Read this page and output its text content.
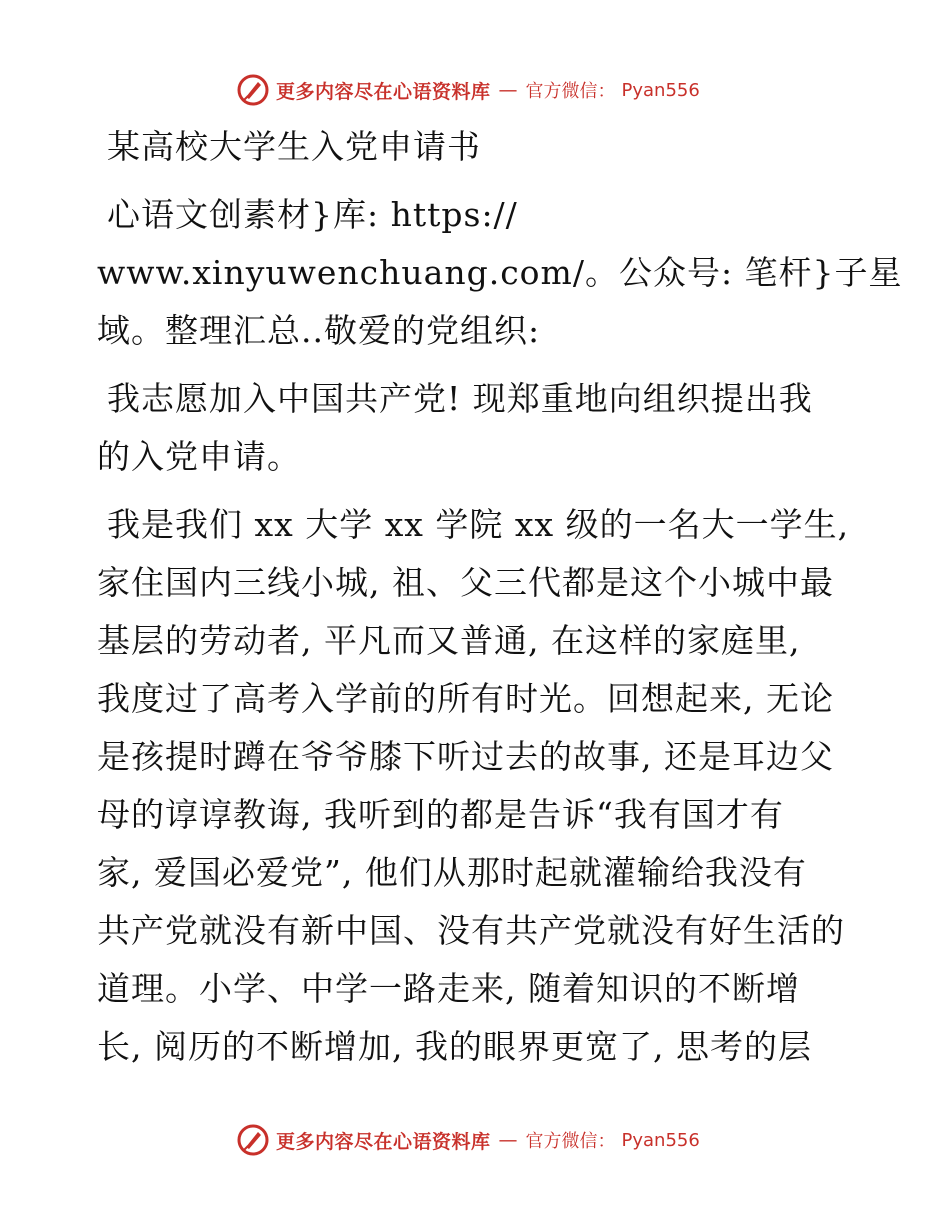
更多内容尽在心语资料库 — 官方微信： Pyan556
某高校大学生入党申请书

心语文创素材}库: https://
www.xinyuwenchuang.com/。公众号: 笔杆}子星
域。整理汇总..敬爱的党组织:

我志愿加入中国共产党! 现郑重地向组织提出我
的入党申请。

我是我们 xx 大学 xx 学院 xx 级的一名大一学生,
家住国内三线小城, 祖、父三代都是这个小城中最
基层的劳动者, 平凡而又普通, 在这样的家庭里,
我度过了高考入学前的所有时光。回想起来, 无论
是孩提时蹲在爷爷膝下听过去的故事, 还是耳边父
母的谆谆教诲, 我听到的都是告诉“我有国才有
家, 爱国必爱党”, 他们从那时起就灌输给我没有
共产党就没有新中国、没有共产党就没有好生活的
道理。小学、中学一路走来, 随着知识的不断增
长, 阅历的不断增加, 我的眼界更宽了, 思考的层

更多内容尽在心语资料库 — 官方微信： Pyan556
